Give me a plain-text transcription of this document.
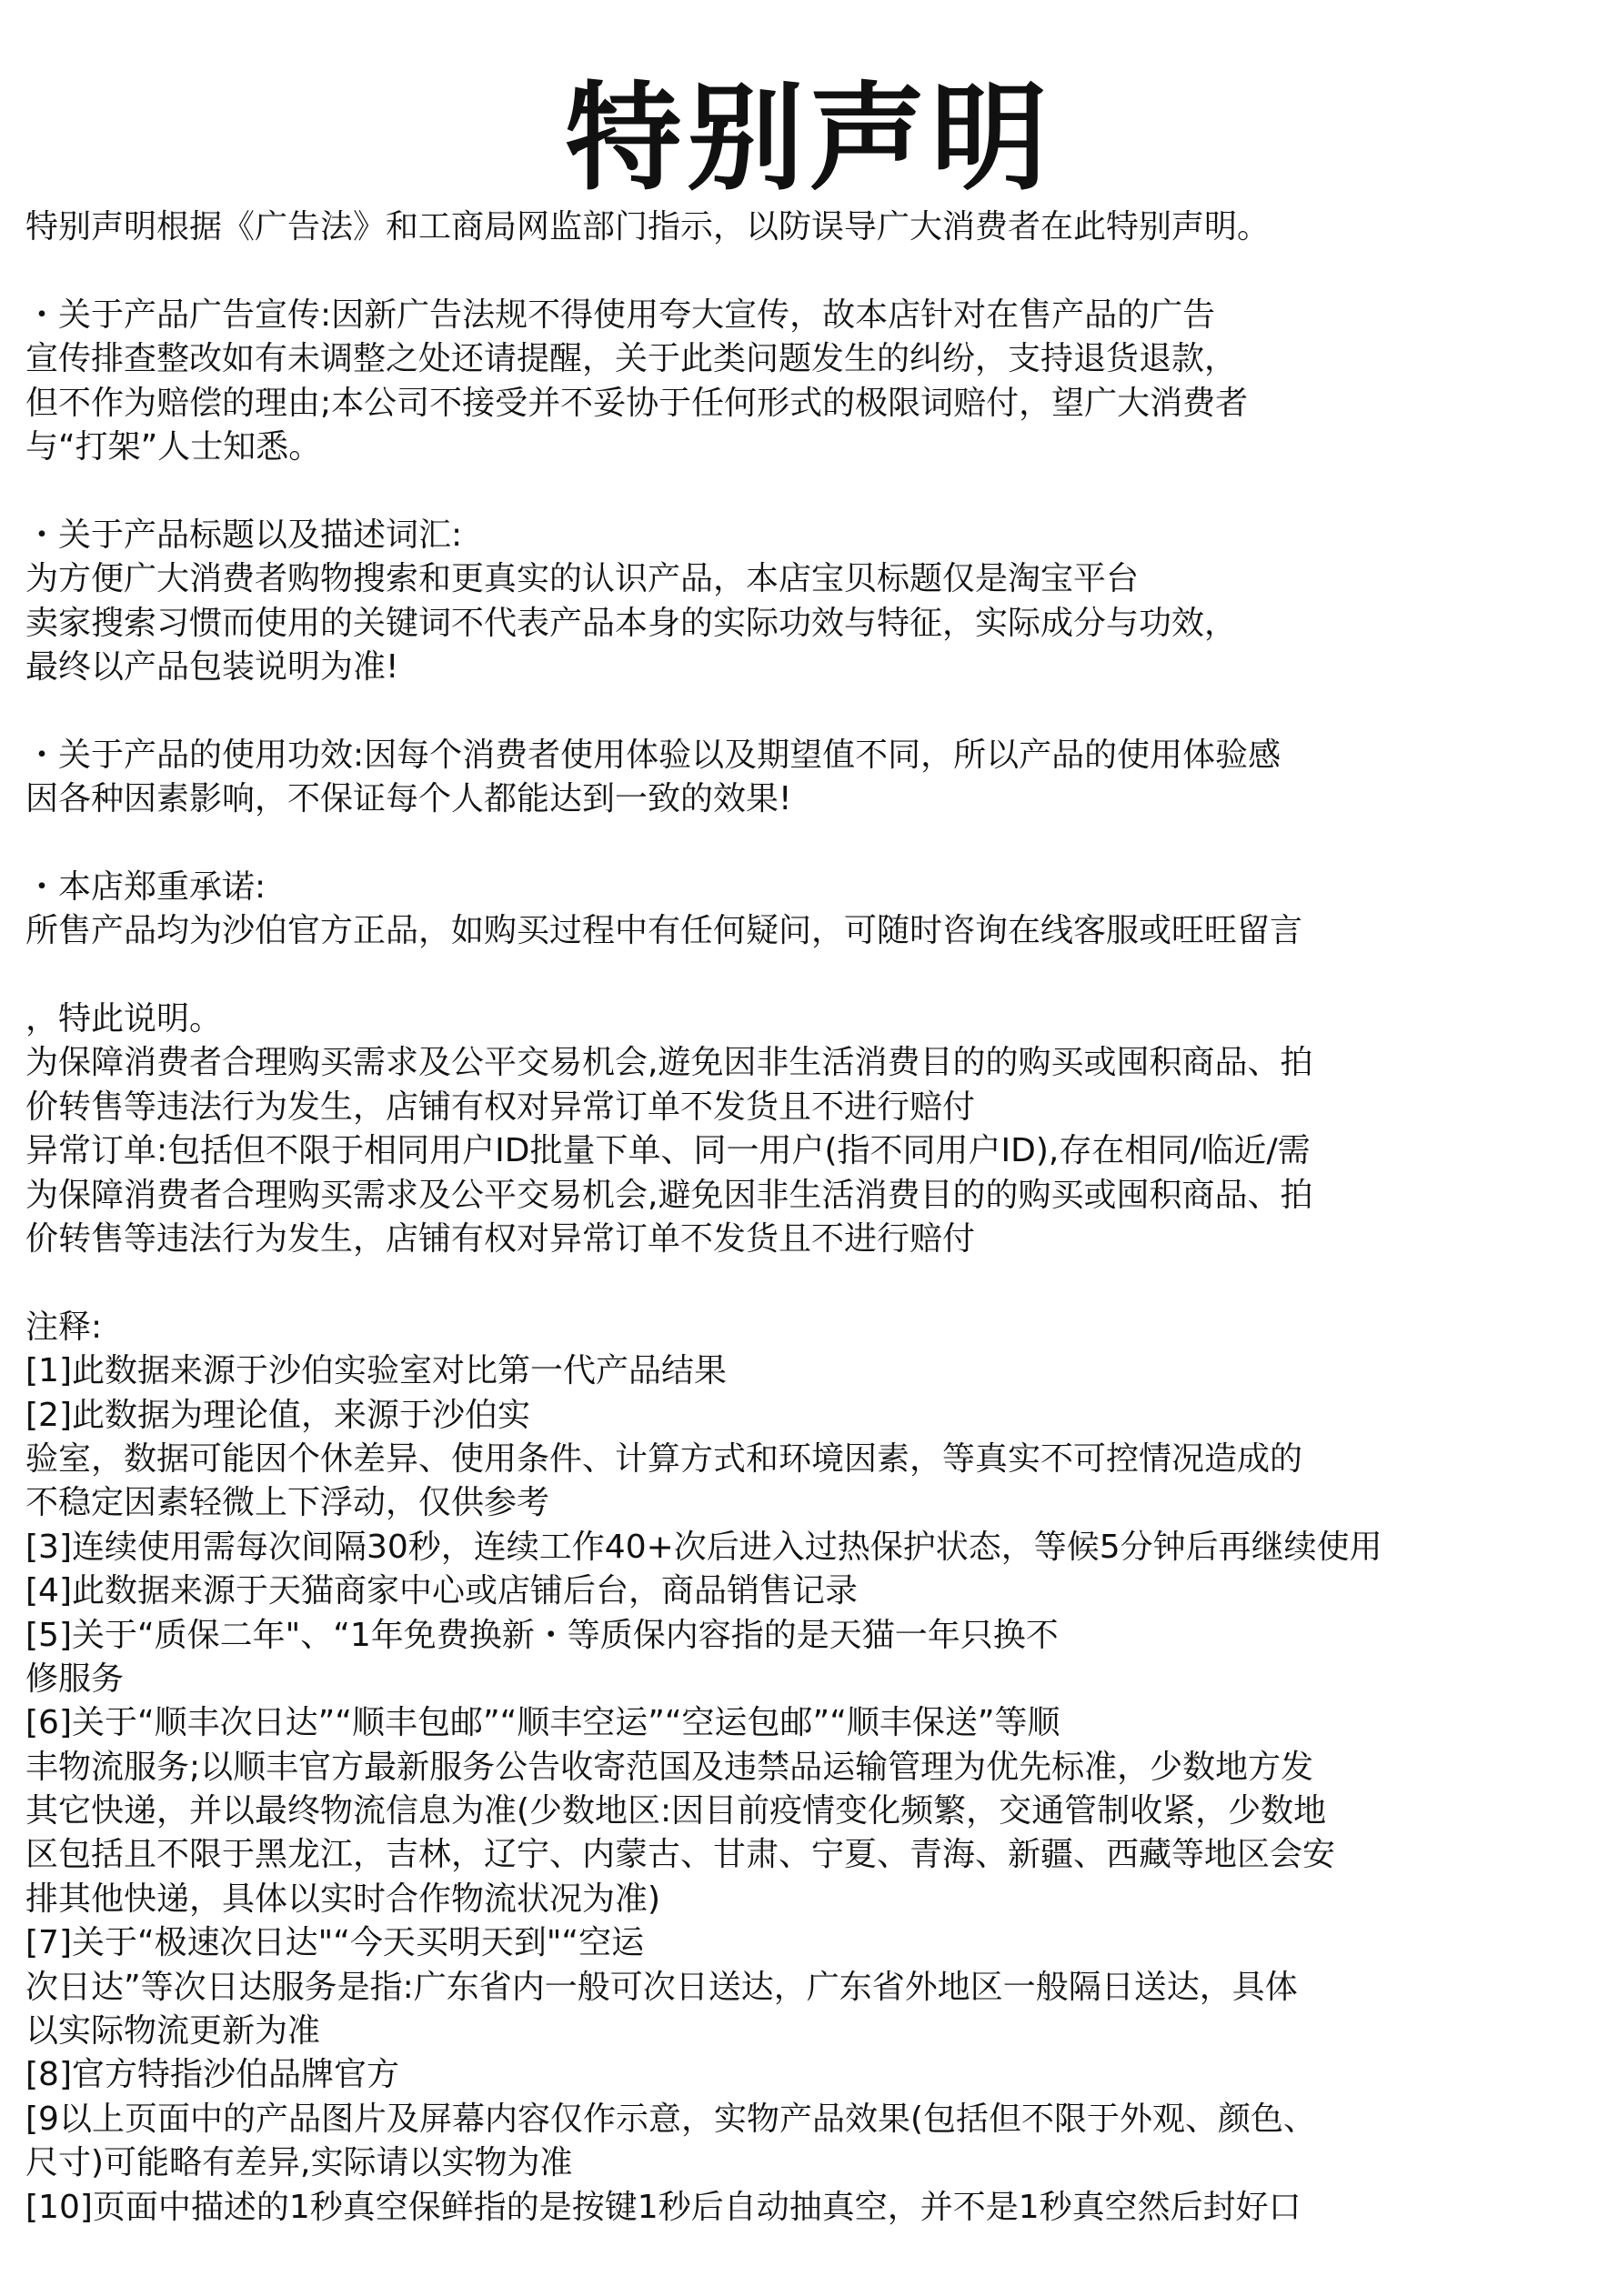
特别声明
特别声明根据《广告法》和工商局网监部门指示，以防误导广大消费者在此特别声明。
・关于产品广告宣传:因新广告法规不得使用夸大宣传，故本店针对在售产品的广告
宣传排查整改如有未调整之处还请提醒，关于此类问题发生的纠纷，支持退货退款，
但不作为赔偿的理由;本公司不接受并不妥协于任何形式的极限词赔付，望广大消费者
与“打架”人士知悉。
・关于产品标题以及描述词汇:
为方便广大消费者购物搜索和更真实的认识产品，本店宝贝标题仅是淘宝平台
卖家搜索习惯而使用的关键词不代表产品本身的实际功效与特征，实际成分与功效，
最终以产品包装说明为准!
・关于产品的使用功效:因每个消费者使用体验以及期望值不同，所以产品的使用体验感
因各种因素影响，不保证每个人都能达到一致的效果!
・本店郑重承诺:
所售产品均为沙伯官方正品，如购买过程中有任何疑问，可随时咨询在线客服或旺旺留言
，特此说明。
为保障消费者合理购买需求及公平交易机会,遊免因非生活消费目的的购买或囤积商品、拍
价转售等违法行为发生，店铺有权对异常订单不发货且不进行赔付
异常订单:包括但不限于相同用户ID批量下单、同一用户(指不同用户ID),存在相同/临近/需
为保障消费者合理购买需求及公平交易机会,避免因非生活消费目的的购买或囤积商品、拍
价转售等违法行为发生，店铺有权对异常订单不发货且不进行赔付
注释:
[1]此数据来源于沙伯实验室对比第一代产品结果
[2]此数据为理论值，来源于沙伯实
验室，数据可能因个休差异、使用条件、计算方式和环境因素，等真实不可控情况造成的
不稳定因素轻微上下浮动，仅供参考
[3]连续使用需每次间隔30秒，连续工作40+次后进入过热保护状态，等候5分钟后再继续使用
[4]此数据来源于天猫商家中心或店铺后台，商品销售记录
[5]关于“质保二年"、“1年免费换新・等质保内容指的是天猫一年只换不
修服务
[6]关于“顺丰次日达”“顺丰包邮”“顺丰空运”“空运包邮”“顺丰保送”等顺
丰物流服务;以顺丰官方最新服务公告收寄范国及违禁品运输管理为优先标准，少数地方发
其它快递，并以最终物流信息为准(少数地区:因目前疫情变化频繁，交通管制收紧，少数地
区包括且不限于黑龙江，吉林，辽宁、内蒙古、甘肃、宁夏、青海、新疆、西藏等地区会安
排其他快递，具体以实时合作物流状况为准)
[7]关于“极速次日达"“今天买明天到"“空运
次日达”等次日达服务是指:广东省内一般可次日送达，广东省外地区一般隔日送达，具体
以实际物流更新为准
[8]官方特指沙伯品牌官方
[9以上页面中的产品图片及屏幕内容仅作示意，实物产品效果(包括但不限于外观、颜色、
尺寸)可能略有差异,实际请以实物为准
[10]页面中描述的1秒真空保鲜指的是按键1秒后自动抽真空，并不是1秒真空然后封好口
